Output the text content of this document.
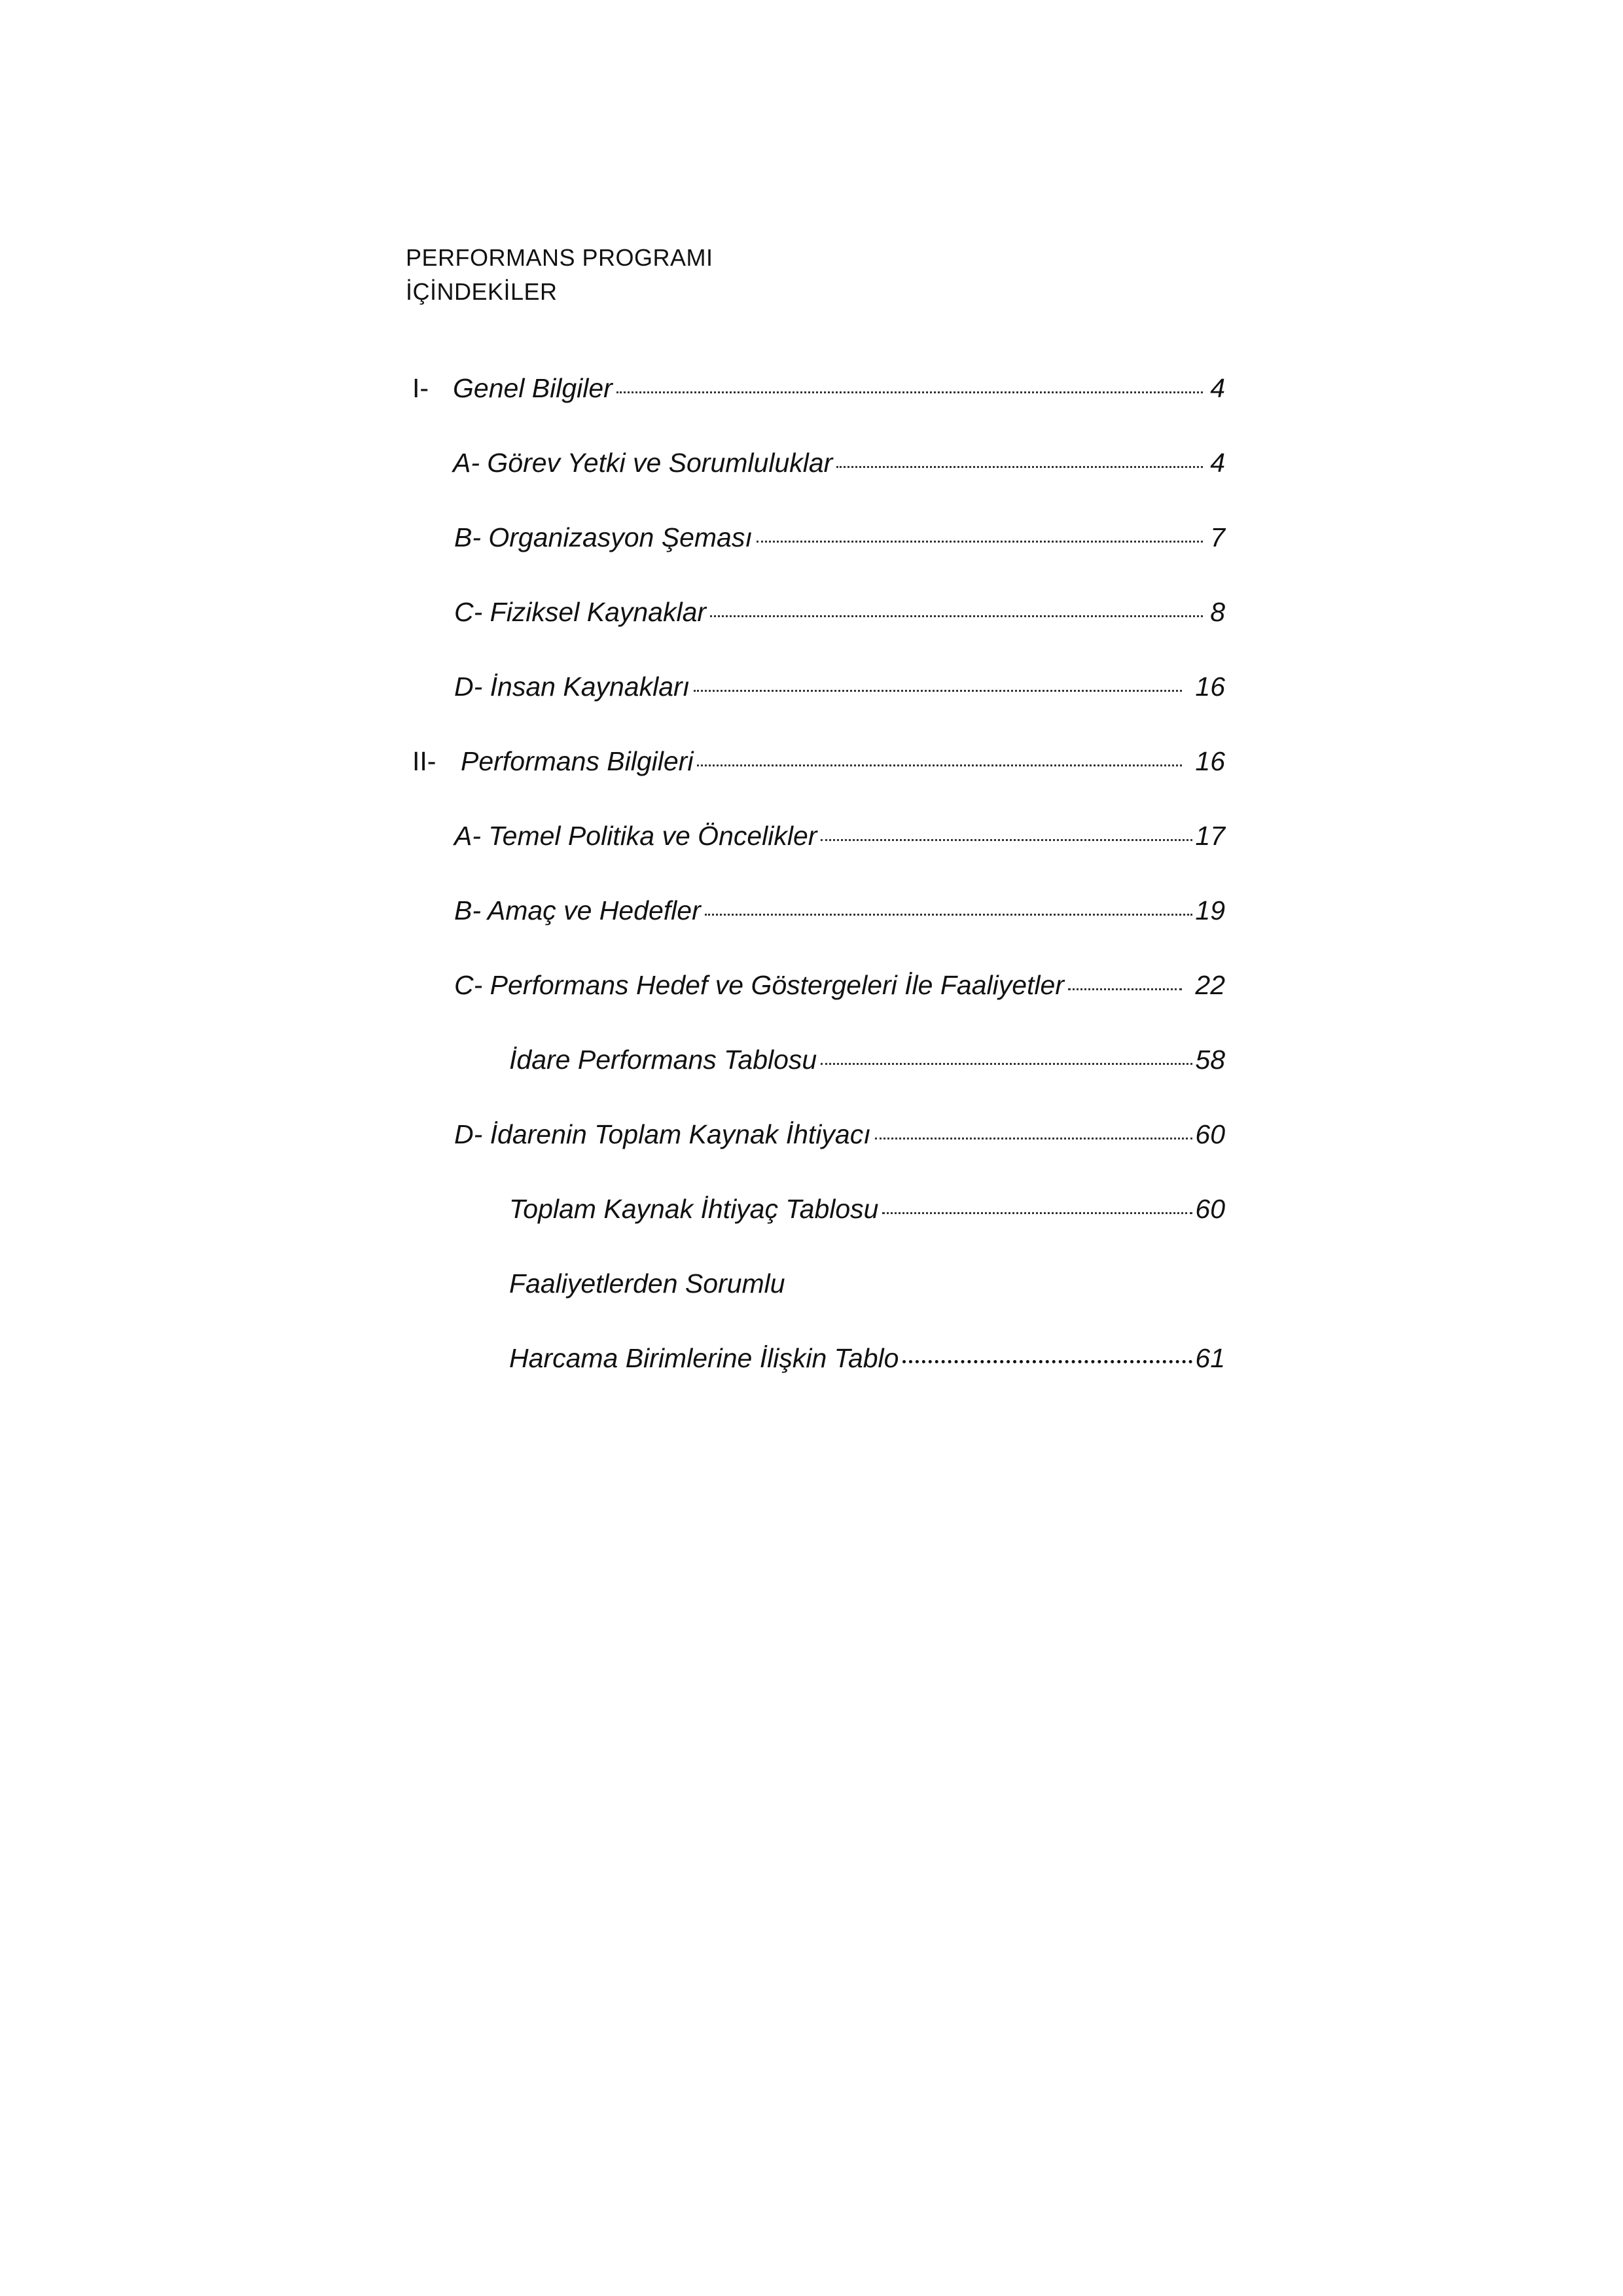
PERFORMANS PROGRAMI
İÇİNDEKİLER
I- Genel Bilgiler	4
A- Görev Yetki ve Sorumluluklar	4
B- Organizasyon Şeması	7
C- Fiziksel Kaynaklar	8
D- İnsan Kaynakları	16
II- Performans Bilgileri	16
A- Temel Politika ve Öncelikler	17
B- Amaç ve Hedefler	19
C- Performans Hedef ve Göstergeleri İle Faaliyetler	22
İdare Performans Tablosu	58
D- İdarenin Toplam Kaynak İhtiyacı	60
Toplam Kaynak İhtiyaç Tablosu	60
Faaliyetlerden Sorumlu
Harcama Birimlerine İlişkin Tablo	61
